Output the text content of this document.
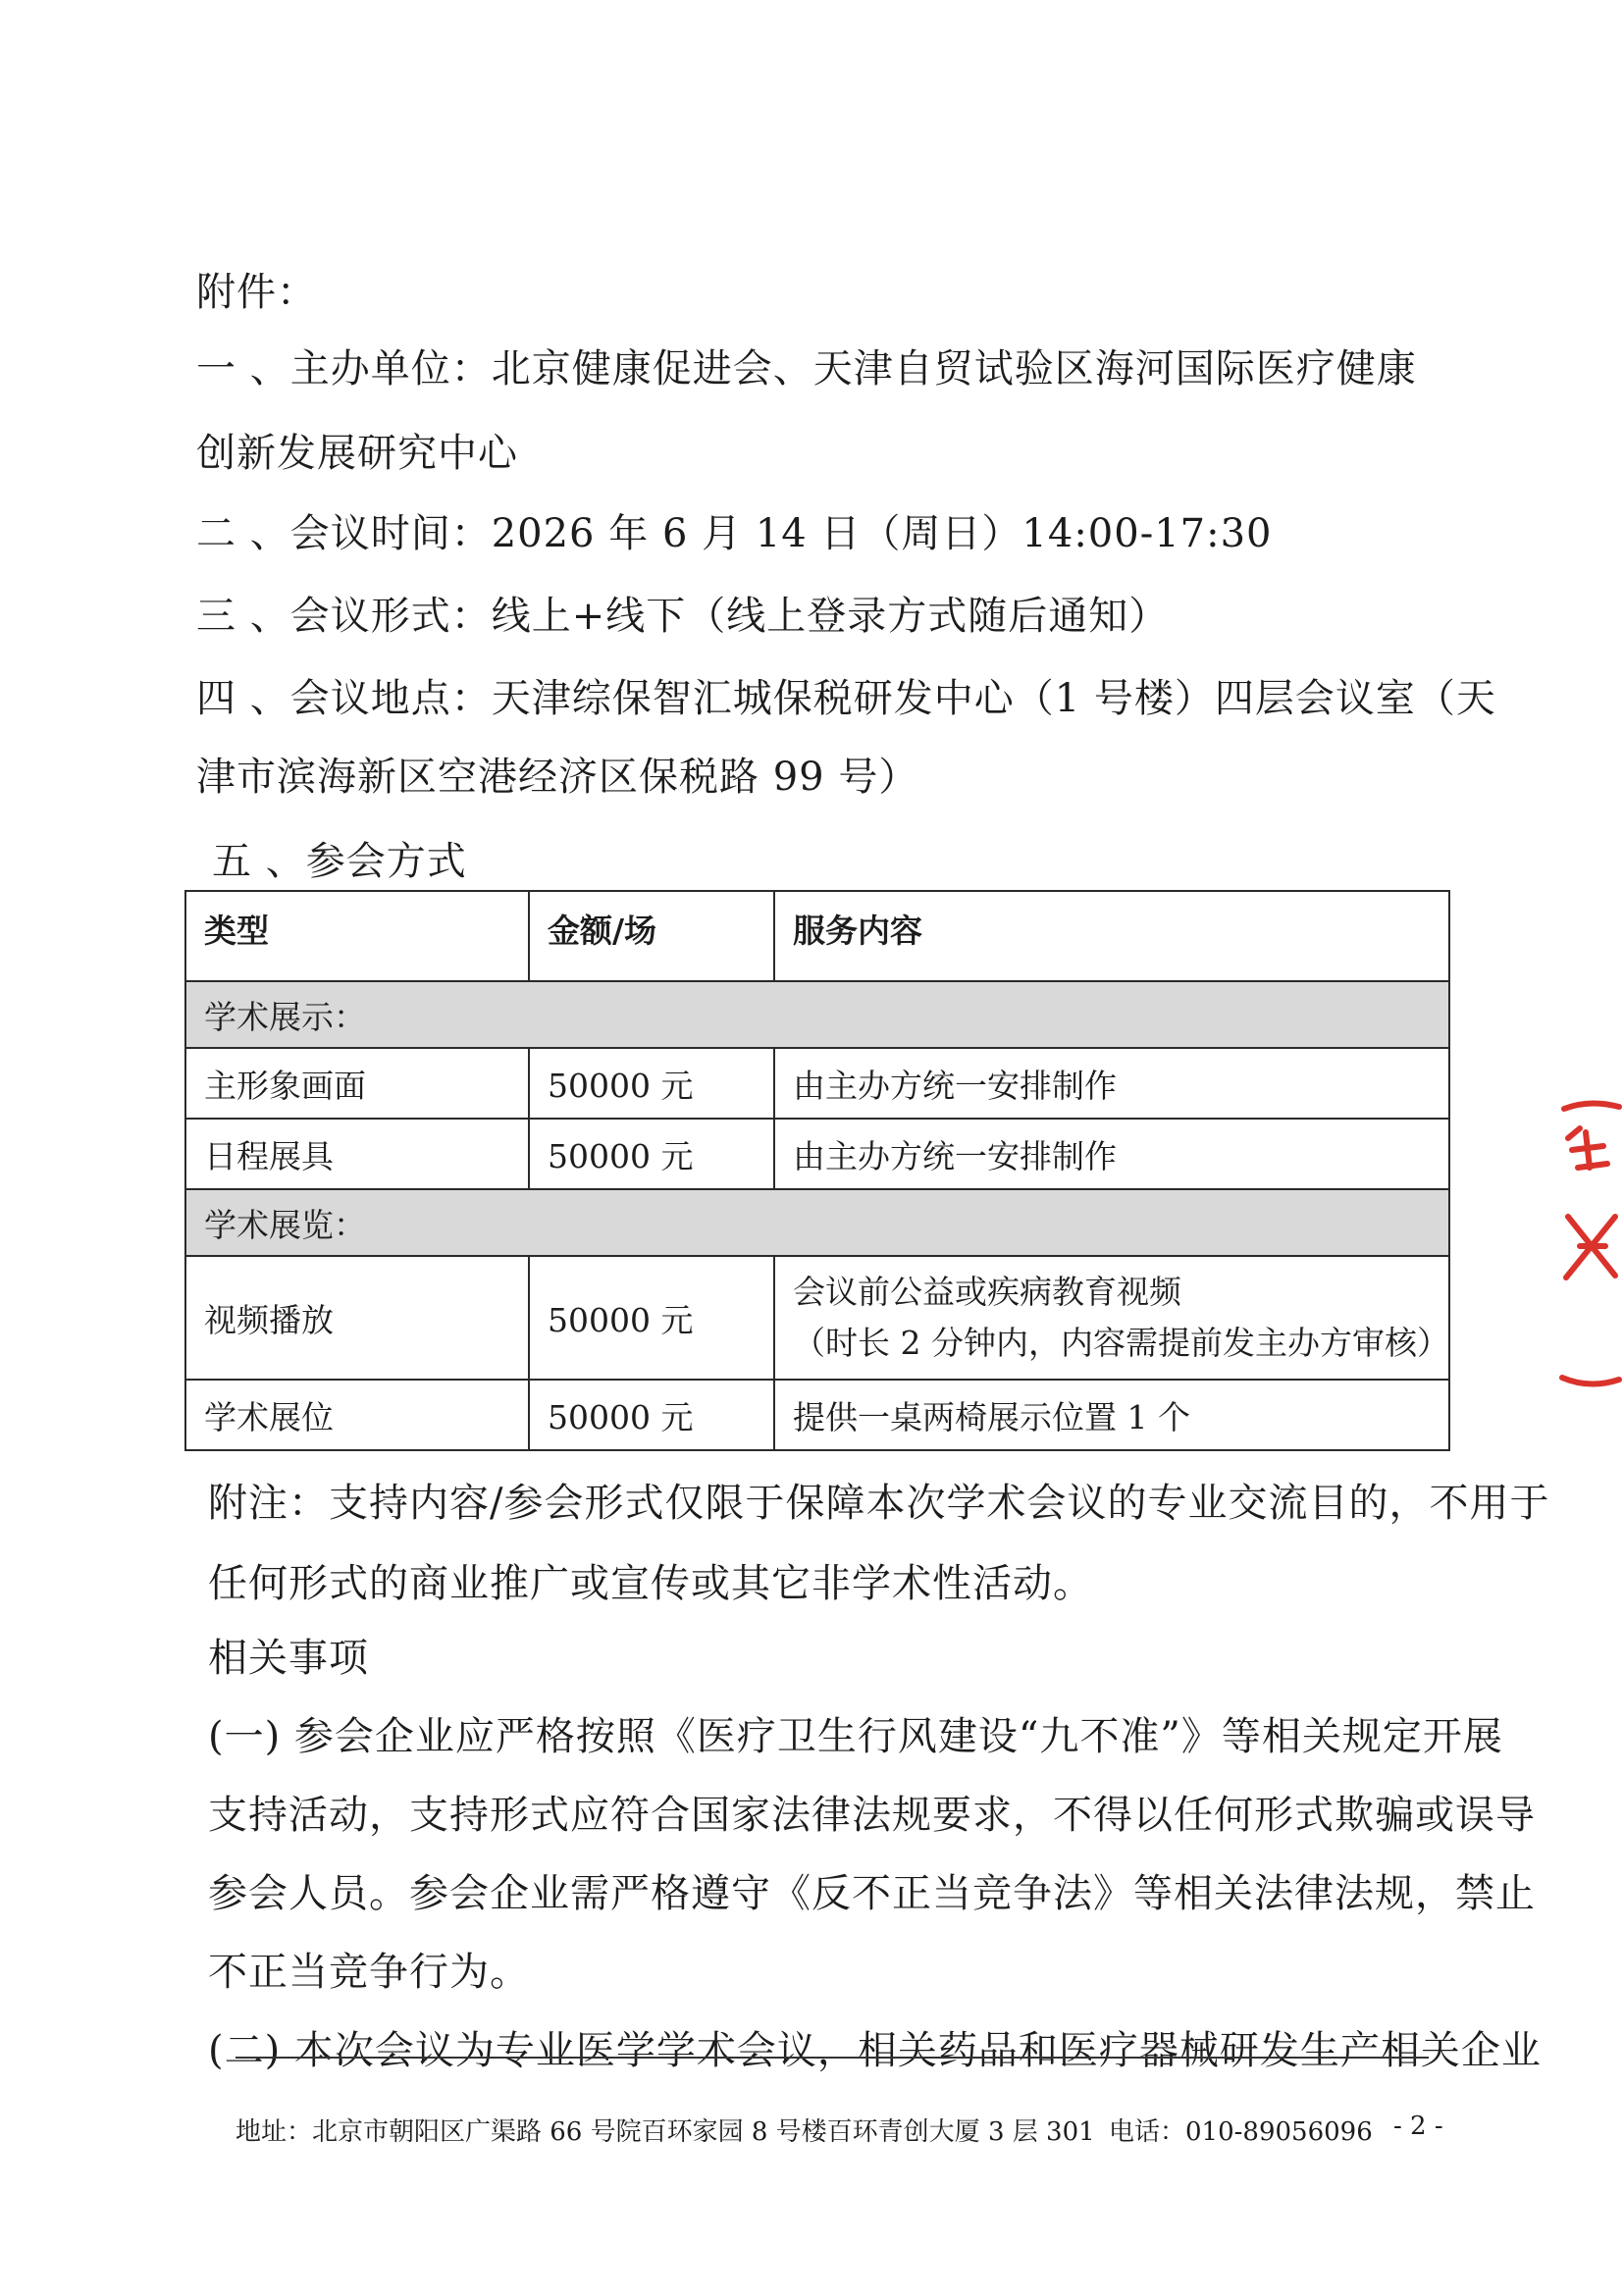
附件：
一 、主办单位：北京健康促进会、天津自贸试验区海河国际医疗健康
创新发展研究中心
二 、会议时间：2026 年 6 月 14 日（周日）14:00-17:30
三 、会议形式：线上+线下（线上登录方式随后通知）
四 、会议地点：天津综保智汇城保税研发中心（1 号楼）四层会议室（天
津市滨海新区空港经济区保税路 99 号）
五 、参会方式
类型	金额/场	服务内容
学术展示：		
主形象画面	50000 元	由主办方统一安排制作
日程展具	50000 元	由主办方统一安排制作
学术展览：		
视频播放	50000 元	会议前公益或疾病教育视频
（时长 2 分钟内，内容需提前发主办方审核）

学术展位	50000 元	提供一桌两椅展示位置 1 个
附注：支持内容/参会形式仅限于保障本次学术会议的专业交流目的，不用于
任何形式的商业推广或宣传或其它非学术性活动。
相关事项
(一) 参会企业应严格按照《医疗卫生行风建设“九不准”》等相关规定开展
支持活动，支持形式应符合国家法律法规要求，不得以任何形式欺骗或误导
参会人员。参会企业需严格遵守《反不正当竞争法》等相关法律法规，禁止
不正当竞争行为。
(二) 本次会议为专业医学学术会议，相关药品和医疗器械研发生产相关企业
地址：北京市朝阳区广渠路 66 号院百环家园 8 号楼百环青创大厦 3 层 301 电话：010-89056096 - 2 -
